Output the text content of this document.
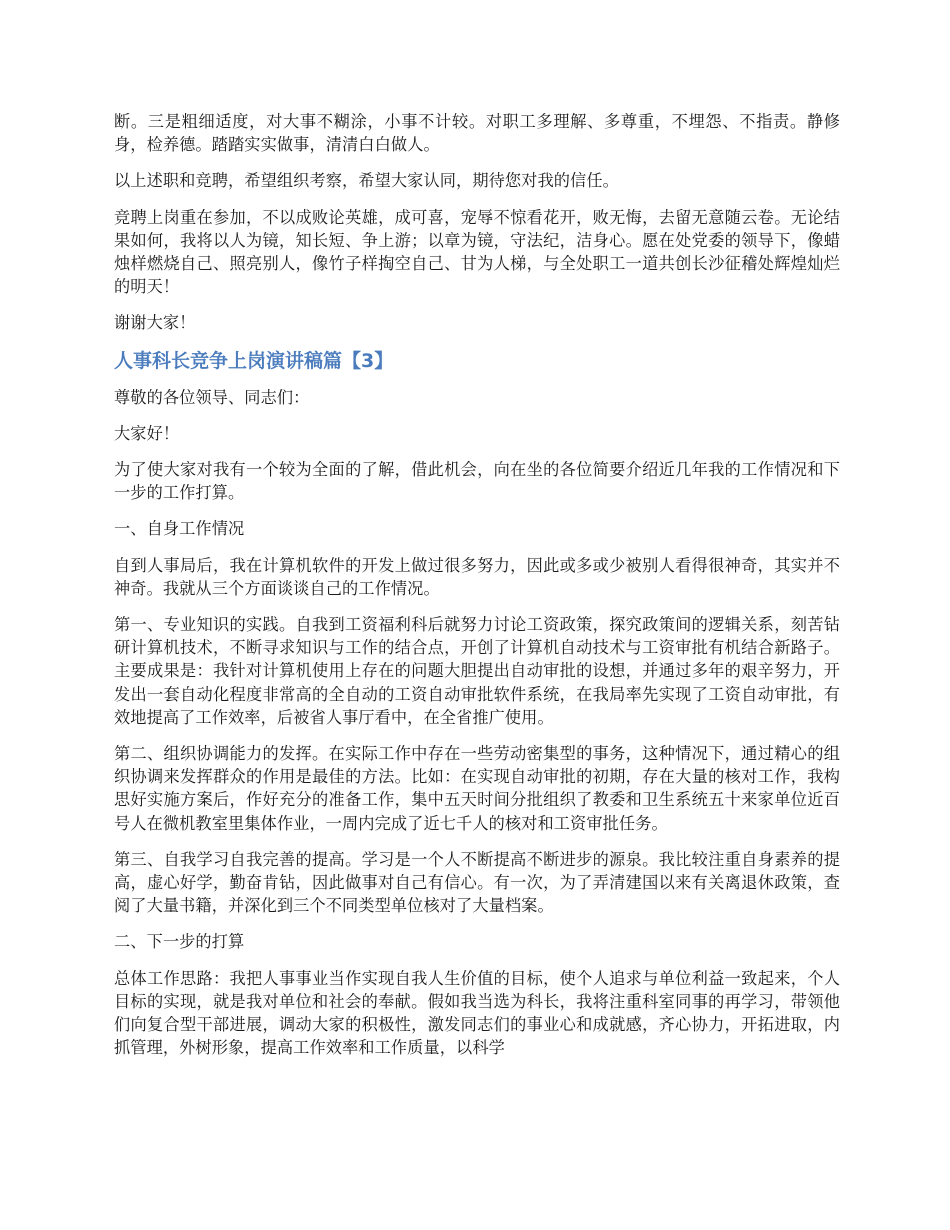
断。三是粗细适度，对大事不糊涂，小事不计较。对职工多理解、多尊重，不埋怨、不指责。静修身，检养德。踏踏实实做事，清清白白做人。

以上述职和竞聘，希望组织考察，希望大家认同，期待您对我的信任。

竞聘上岗重在参加，不以成败论英雄，成可喜，宠辱不惊看花开，败无悔，去留无意随云卷。无论结果如何，我将以人为镜，知长短、争上游；以章为镜，守法纪，洁身心。愿在处党委的领导下，像蜡烛样燃烧自己、照亮别人，像竹子样掏空自己、甘为人梯，与全处职工一道共创长沙征稽处辉煌灿烂的明天！

谢谢大家！

人事科长竞争上岗演讲稿篇【3】

尊敬的各位领导、同志们：

大家好！

为了使大家对我有一个较为全面的了解，借此机会，向在坐的各位简要介绍近几年我的工作情况和下一步的工作打算。

一、自身工作情况

自到人事局后，我在计算机软件的开发上做过很多努力，因此或多或少被别人看得很神奇，其实并不神奇。我就从三个方面谈谈自己的工作情况。

第一、专业知识的实践。自我到工资福利科后就努力讨论工资政策，探究政策间的逻辑关系，刻苦钻研计算机技术，不断寻求知识与工作的结合点，开创了计算机自动技术与工资审批有机结合新路子。主要成果是：我针对计算机使用上存在的问题大胆提出自动审批的设想，并通过多年的艰辛努力，开发出一套自动化程度非常高的全自动的工资自动审批软件系统，在我局率先实现了工资自动审批，有效地提高了工作效率，后被省人事厅看中，在全省推广使用。

第二、组织协调能力的发挥。在实际工作中存在一些劳动密集型的事务，这种情况下，通过精心的组织协调来发挥群众的作用是最佳的方法。比如：在实现自动审批的初期，存在大量的核对工作，我构思好实施方案后，作好充分的准备工作，集中五天时间分批组织了教委和卫生系统五十来家单位近百号人在微机教室里集体作业，一周内完成了近七千人的核对和工资审批任务。

第三、自我学习自我完善的提高。学习是一个人不断提高不断进步的源泉。我比较注重自身素养的提高，虚心好学，勤奋肯钻，因此做事对自己有信心。有一次，为了弄清建国以来有关离退休政策，查阅了大量书籍，并深化到三个不同类型单位核对了大量档案。

二、下一步的打算

总体工作思路：我把人事事业当作实现自我人生价值的目标，使个人追求与单位利益一致起来，个人目标的实现，就是我对单位和社会的奉献。假如我当选为科长，我将注重科室同事的再学习，带领他们向复合型干部进展，调动大家的积极性，激发同志们的事业心和成就感，齐心协力，开拓进取，内抓管理，外树形象，提高工作效率和工作质量，以科学
